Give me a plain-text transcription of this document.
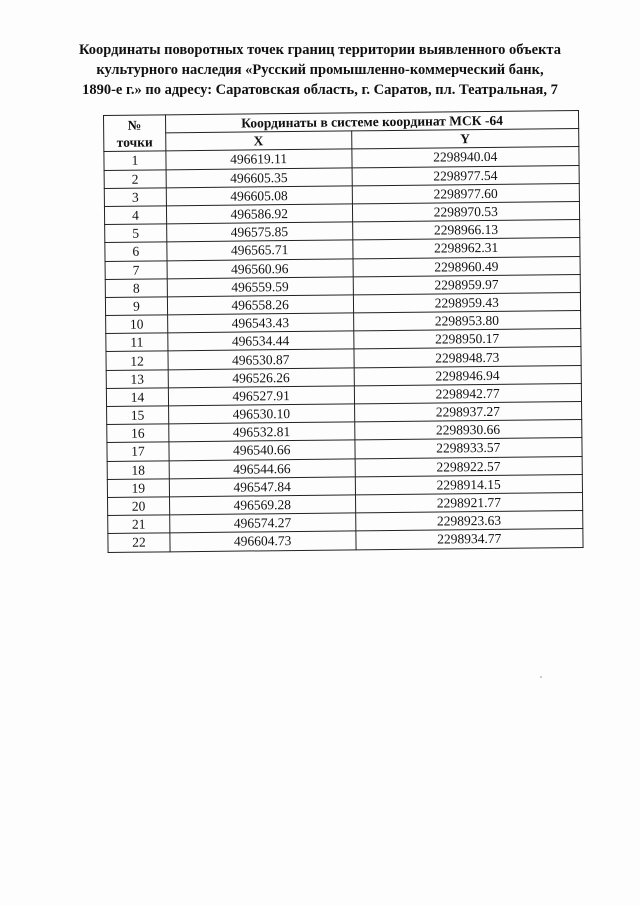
Координаты поворотных точек границ территории выявленного объекта
культурного наследия «Русский промышленно-коммерческий банк,
1890-е г.» по адресу: Саратовская область, г. Саратов, пл. Театральная, 7
№
точки	Координаты в системе координат МСК -64	
	X	Y
1	496619.11	2298940.04
2	496605.35	2298977.54
3	496605.08	2298977.60
4	496586.92	2298970.53
5	496575.85	2298966.13
6	496565.71	2298962.31
7	496560.96	2298960.49
8	496559.59	2298959.97
9	496558.26	2298959.43
10	496543.43	2298953.80
11	496534.44	2298950.17
12	496530.87	2298948.73
13	496526.26	2298946.94
14	496527.91	2298942.77
15	496530.10	2298937.27
16	496532.81	2298930.66
17	496540.66	2298933.57
18	496544.66	2298922.57
19	496547.84	2298914.15
20	496569.28	2298921.77
21	496574.27	2298923.63
22	496604.73	2298934.77
